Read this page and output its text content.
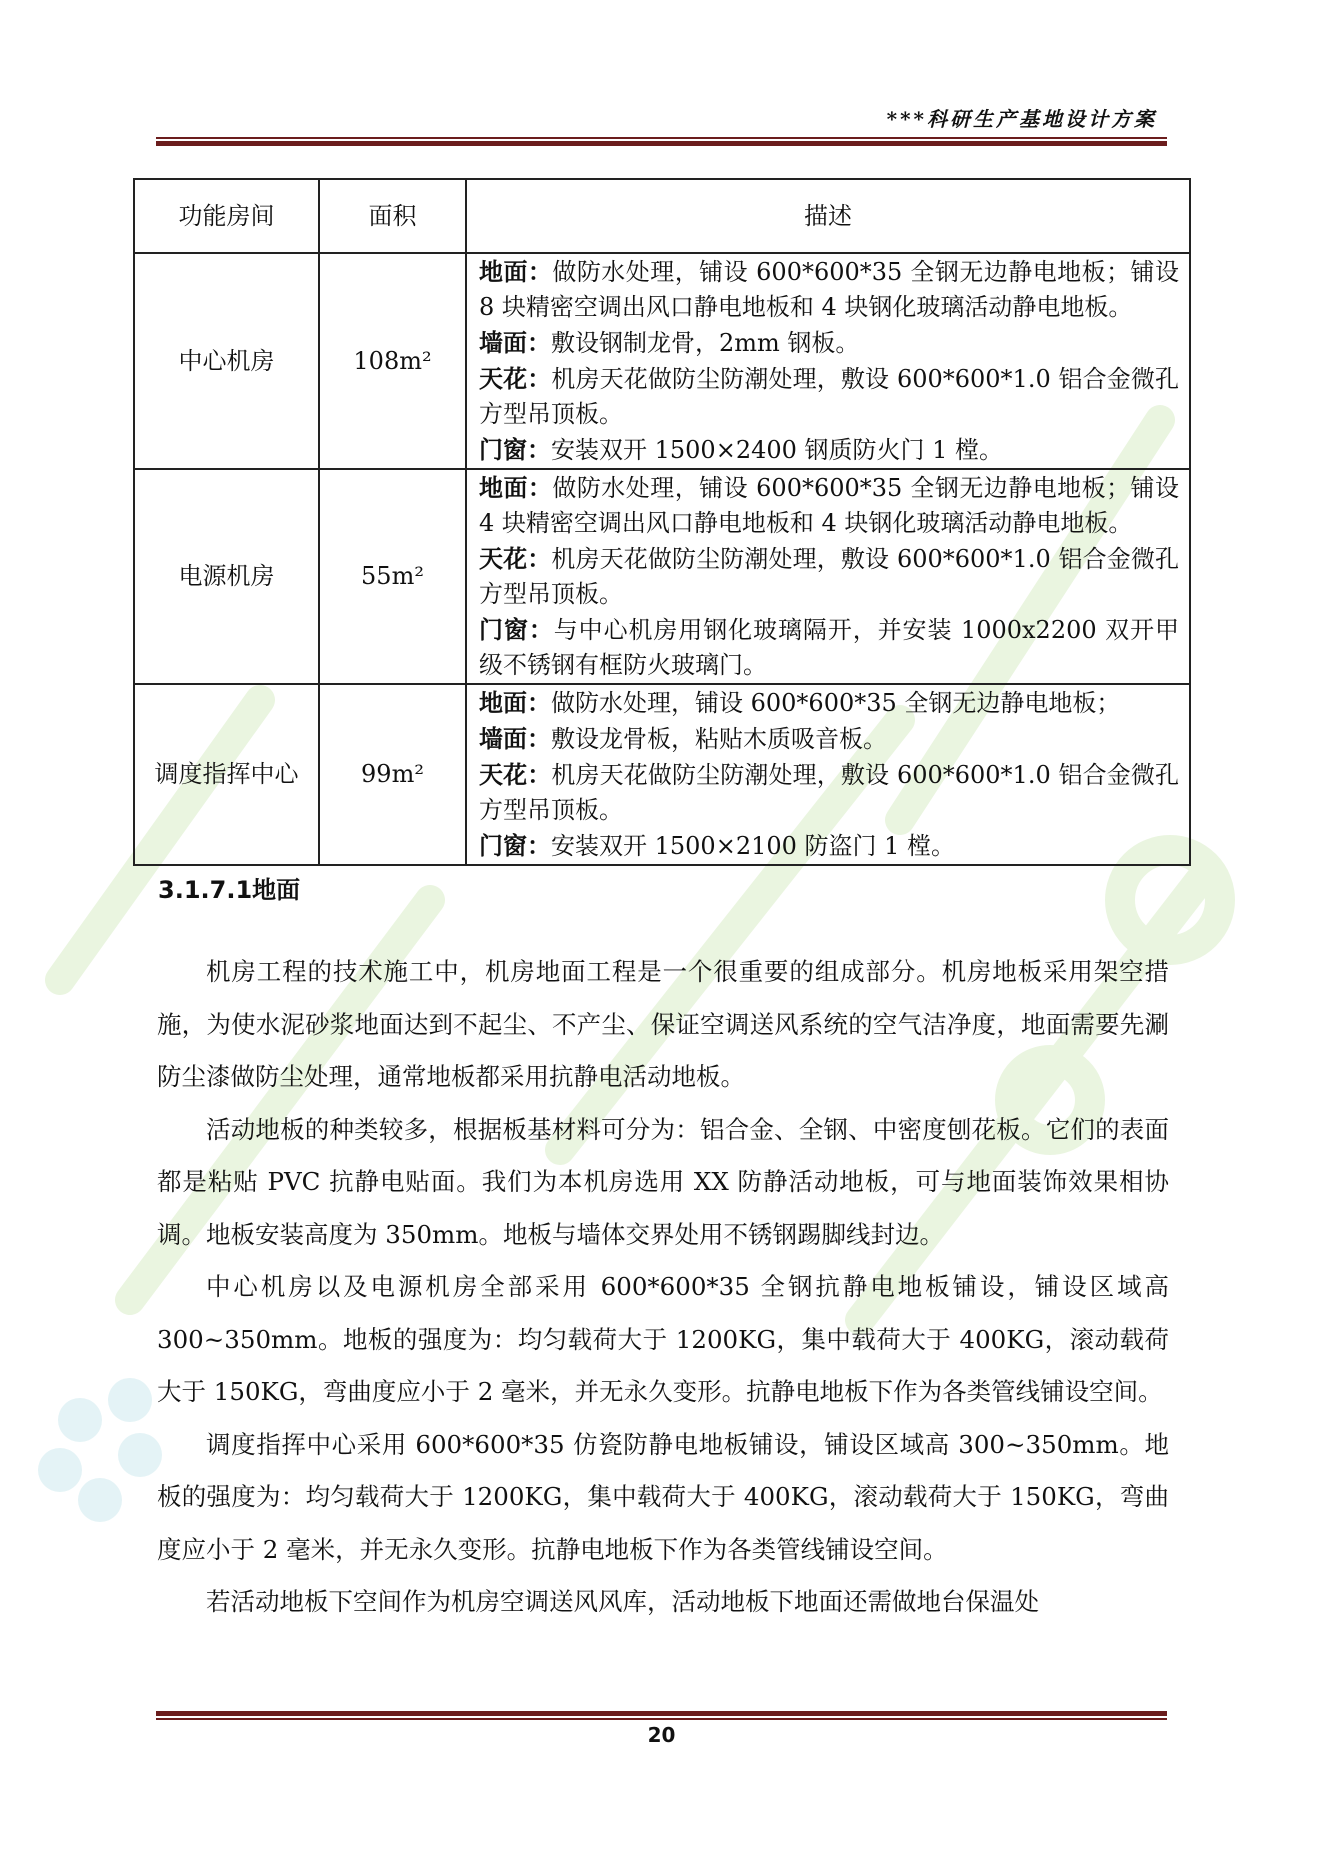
***科研生产基地设计方案
功能房间	面积	描述
中心机房	108m²	地面：做防水处理，铺设 600*600*35 全钢无边静电地板；铺设 8 块精密空调出风口静电地板和 4 块钢化玻璃活动静电地板。
墙面：敷设钢制龙骨，2mm 钢板。
天花：机房天花做防尘防潮处理，敷设 600*600*1.0 铝合金微孔方型吊顶板。
门窗：安装双开 1500×2400 钢质防火门 1 樘。

电源机房	55m²	地面：做防水处理，铺设 600*600*35 全钢无边静电地板；铺设 4 块精密空调出风口静电地板和 4 块钢化玻璃活动静电地板。
天花：机房天花做防尘防潮处理，敷设 600*600*1.0 铝合金微孔方型吊顶板。
门窗：与中心机房用钢化玻璃隔开，并安装 1000x2200 双开甲级不锈钢有框防火玻璃门。

调度指挥中心	99m²	地面：做防水处理，铺设 600*600*35 全钢无边静电地板；
墙面：敷设龙骨板，粘贴木质吸音板。
天花：机房天花做防尘防潮处理，敷设 600*600*1.0 铝合金微孔方型吊顶板。
门窗：安装双开 1500×2100 防盗门 1 樘。
3.1.7.1地面

机房工程的技术施工中，机房地面工程是一个很重要的组成部分。机房地板采用架空措施，为使水泥砂浆地面达到不起尘、不产尘、保证空调送风系统的空气洁净度，地面需要先涮防尘漆做防尘处理，通常地板都采用抗静电活动地板。

活动地板的种类较多，根据板基材料可分为：铝合金、全钢、中密度刨花板。它们的表面都是粘贴 PVC 抗静电贴面。我们为本机房选用 XX 防静活动地板，可与地面装饰效果相协调。地板安装高度为 350mm。地板与墙体交界处用不锈钢踢脚线封边。

中心机房以及电源机房全部采用 600*600*35 全钢抗静电地板铺设，铺设区域高 300~350mm。地板的强度为：均匀载荷大于 1200KG，集中载荷大于 400KG，滚动载荷大于 150KG，弯曲度应小于 2 毫米，并无永久变形。抗静电地板下作为各类管线铺设空间。

调度指挥中心采用 600*600*35 仿瓷防静电地板铺设，铺设区域高 300~350mm。地板的强度为：均匀载荷大于 1200KG，集中载荷大于 400KG，滚动载荷大于 150KG，弯曲度应小于 2 毫米，并无永久变形。抗静电地板下作为各类管线铺设空间。

若活动地板下空间作为机房空调送风风库，活动地板下地面还需做地台保温处

20
